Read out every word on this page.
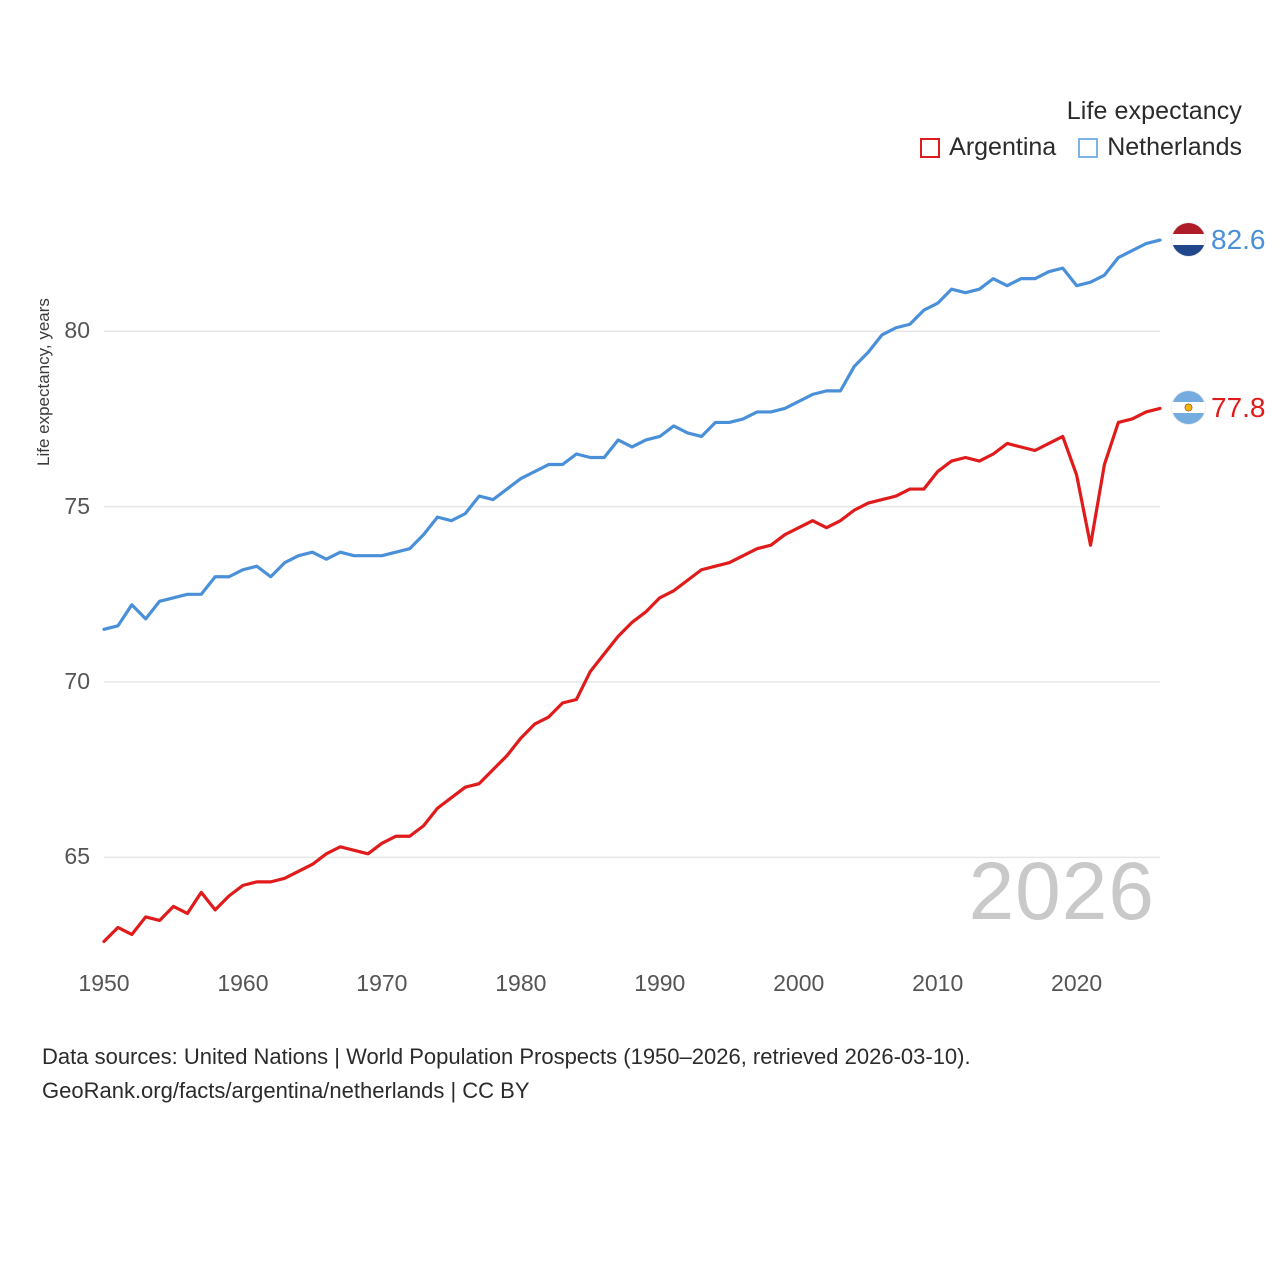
Life expectancy
Argentina Netherlands
Life expectancy, years
65
70
75
80
1950	1960	1970	1980	1990	2000	2010	2020
2026
82.6
77.8
Data sources: United Nations | World Population Prospects (1950–2026, retrieved 2026-03-10).
GeoRank.org/facts/argentina/netherlands | CC BY
